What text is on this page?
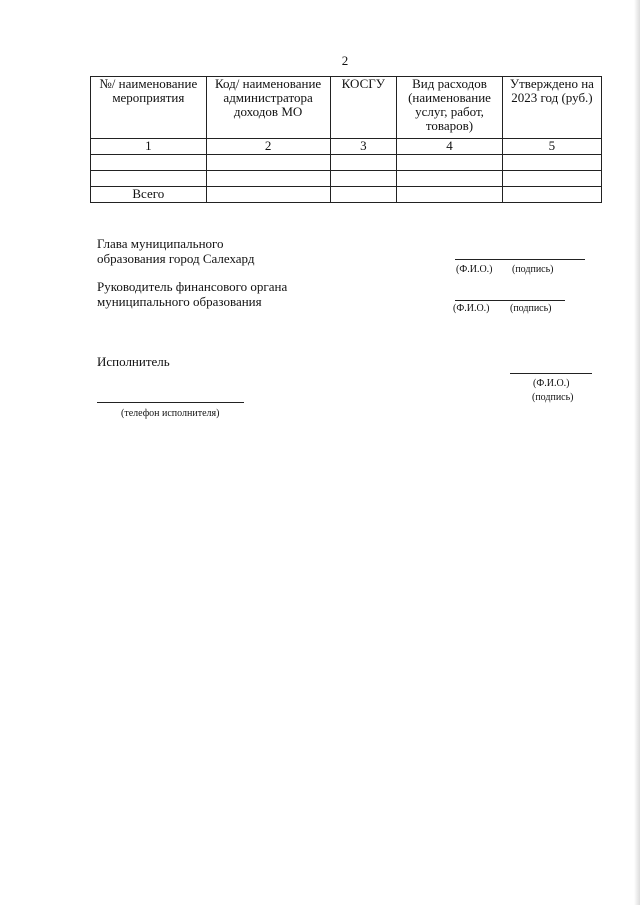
2
№/ наименование мероприятия	Код/ наименование администратора доходов МО	КОСГУ	Вид расходов (наименование услуг, работ, товаров)	Утверждено на 2023 год (руб.)
1	2	3	4	5

Всего				
Глава муниципального
образования город Салехард
(Ф.И.О.) (подпись)
Руководитель финансового органа
муниципального образования	(Ф.И.О.) (подпись)
Исполнитель
(Ф.И.О.)
(подпись)
(телефон исполнителя)
